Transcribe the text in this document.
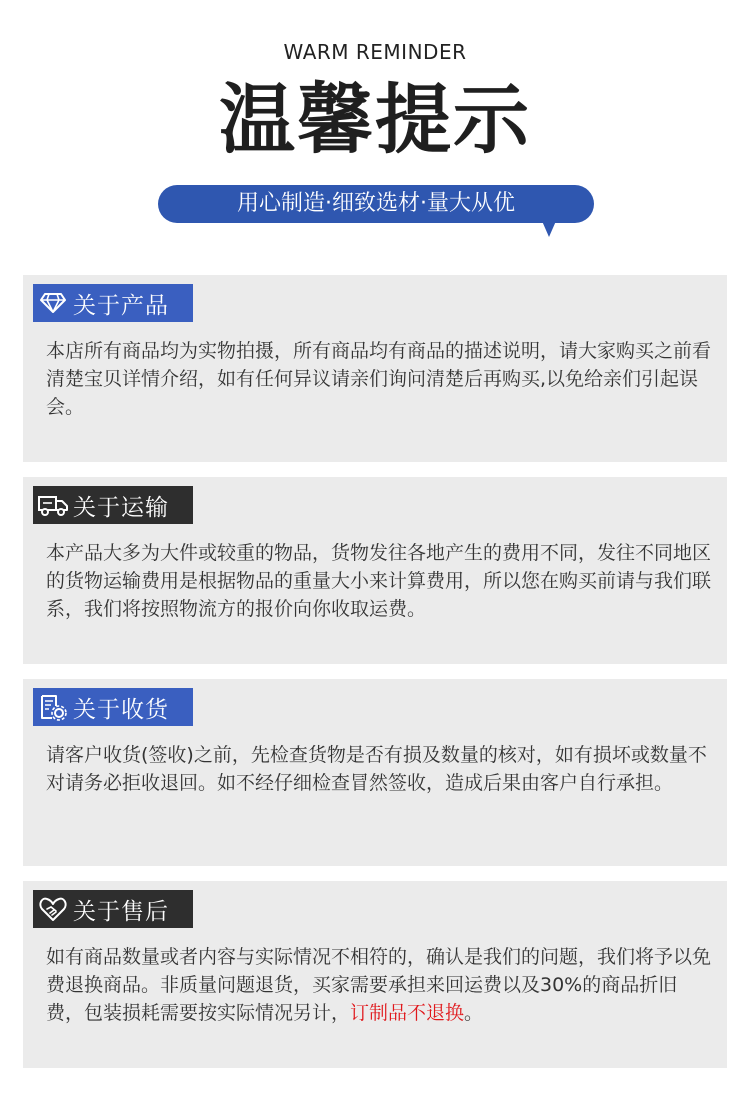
WARM REMINDER
温馨提示
用心制造·细致选材·量大从优
关于产品
本店所有商品均为实物拍摄，所有商品均有商品的描述说明，请大家购买之前看清楚宝贝详情介绍，如有任何异议请亲们询问清楚后再购买,以免给亲们引起误会。
关于运输
本产品大多为大件或较重的物品，货物发往各地产生的费用不同，发往不同地区的货物运输费用是根据物品的重量大小来计算费用，所以您在购买前请与我们联系，我们将按照物流方的报价向你收取运费。
关于收货
请客户收货(签收)之前，先检查货物是否有损及数量的核对，如有损坏或数量不对请务必拒收退回。如不经仔细检查冒然签收，造成后果由客户自行承担。
关于售后
如有商品数量或者内容与实际情况不相符的，确认是我们的问题，我们将予以免费退换商品。非质量问题退货，买家需要承担来回运费以及30%的商品折旧费，包装损耗需要按实际情况另计，订制品不退换。
